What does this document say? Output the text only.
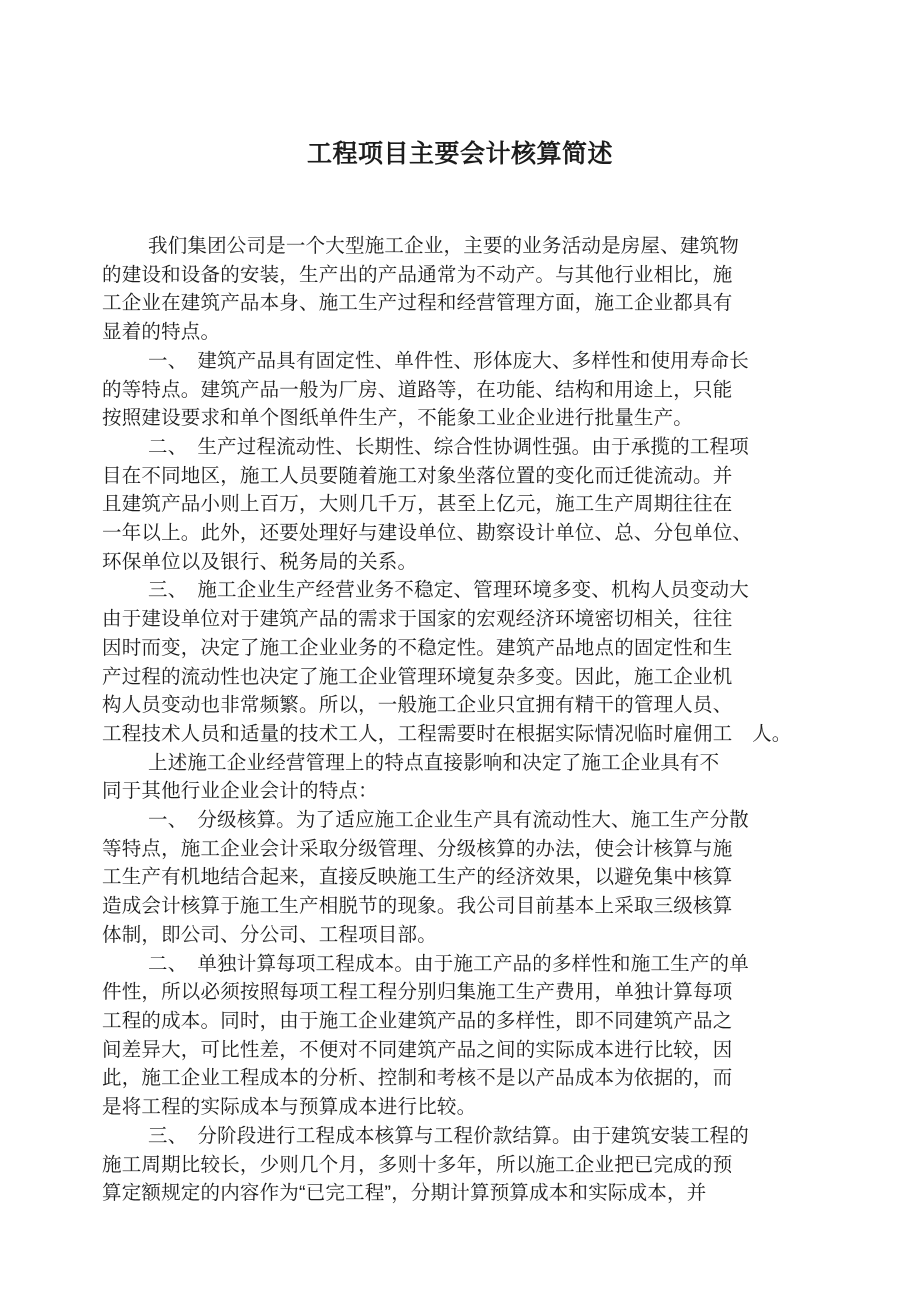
工程项目主要会计核算简述

我们集团公司是一个大型施工企业，主要的业务活动是房屋、建筑物
的建设和设备的安装，生产出的产品通常为不动产。与其他行业相比，施
工企业在建筑产品本身、施工生产过程和经营管理方面，施工企业都具有
显着的特点。

一、　建筑产品具有固定性、单件性、形体庞大、多样性和使用寿命长
的等特点。建筑产品一般为厂房、道路等，在功能、结构和用途上，只能
按照建设要求和单个图纸单件生产，不能象工业企业进行批量生产。

二、　生产过程流动性、长期性、综合性协调性强。由于承揽的工程项
目在不同地区，施工人员要随着施工对象坐落位置的变化而迁徙流动。并
且建筑产品小则上百万，大则几千万，甚至上亿元，施工生产周期往往在
一年以上。此外，还要处理好与建设单位、勘察设计单位、总、分包单位、
环保单位以及银行、税务局的关系。

三、　施工企业生产经营业务不稳定、管理环境多变、机构人员变动大
由于建设单位对于建筑产品的需求于国家的宏观经济环境密切相关，往往
因时而变，决定了施工企业业务的不稳定性。建筑产品地点的固定性和生
产过程的流动性也决定了施工企业管理环境复杂多变。因此，施工企业机
构人员变动也非常频繁。所以，一般施工企业只宜拥有精干的管理人员、
工程技术人员和适量的技术工人，工程需要时在根据实际情况临时雇佣工　人。

上述施工企业经营管理上的特点直接影响和决定了施工企业具有不
同于其他行业企业会计的特点：

一、　分级核算。为了适应施工企业生产具有流动性大、施工生产分散
等特点，施工企业会计采取分级管理、分级核算的办法，使会计核算与施
工生产有机地结合起来，直接反映施工生产的经济效果，以避免集中核算
造成会计核算于施工生产相脱节的现象。我公司目前基本上采取三级核算
体制，即公司、分公司、工程项目部。

二、　单独计算每项工程成本。由于施工产品的多样性和施工生产的单
件性，所以必须按照每项工程工程分别归集施工生产费用，单独计算每项
工程的成本。同时，由于施工企业建筑产品的多样性，即不同建筑产品之
间差异大，可比性差，不便对不同建筑产品之间的实际成本进行比较，因
此，施工企业工程成本的分析、控制和考核不是以产品成本为依据的，而
是将工程的实际成本与预算成本进行比较。

三、　分阶段进行工程成本核算与工程价款结算。由于建筑安装工程的
施工周期比较长，少则几个月，多则十多年，所以施工企业把已完成的预
算定额规定的内容作为“已完工程”，分期计算预算成本和实际成本，并
